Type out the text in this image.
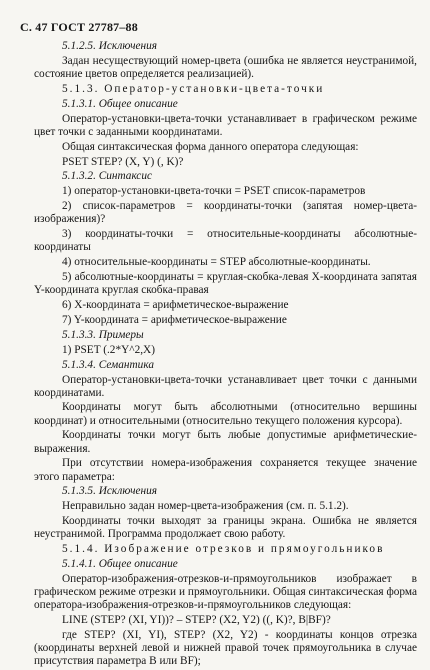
С. 47 ГОСТ 27787–88

5.1.2.5. Исключения

Задан несуществующий номер-цвета (ошибка не является неустранимой, состояние цветов определяется реализацией).

5.1.3. Оператор-установки-цвета-точки

5.1.3.1. Общее описание

Оператор-установки-цвета-точки устанавливает в графическом режиме цвет точки с заданными координатами.

Общая синтаксическая форма данного оператора следующая:

PSET STEP? (X, Y) (, K)?

5.1.3.2. Синтаксис

1) оператор-установки-цвета-точки = PSET список-параметров

2) список-параметров = координаты-точки (запятая номер-цвета-изображения)?

3) координаты-точки = относительные-координаты абсолютные-координаты

4) относительные-координаты = STEP абсолютные-координаты.

5) абсолютные-координаты = круглая-скобка-левая X-координата запятая Y-координата круглая скобка-правая

6) X-координата = арифметическое-выражение

7) Y-координата = арифметическое-выражение

5.1.3.3. Примеры

1) PSET (.2*Y^2,X)

5.1.3.4. Семантика

Оператор-установки-цвета-точки устанавливает цвет точки с данными координатами.

Координаты могут быть абсолютными (относительно вершины координат) и относительными (относительно текущего положения курсора).

Координаты точки могут быть любые допустимые арифметические-выражения.

При отсутствии номера-изображения сохраняется текущее значение этого параметра:

5.1.3.5. Исключения

Неправильно задан номер-цвета-изображения (см. п. 5.1.2).

Координаты точки выходят за границы экрана. Ошибка не является неустранимой. Программа продолжает свою работу.

5.1.4. Изображение отрезков и прямоугольников

5.1.4.1. Общее описание

Оператор-изображения-отрезков-и-прямоугольников изображает в графическом режиме отрезки и прямоугольники. Общая синтаксическая форма оператора-изображения-отрезков-и-прямоугольников следующая:

LINE (STEP? (XI, YI))? – STEP? (X2, Y2) ((, K)?, B|BF)?

где STEP? (XI, YI), STEP? (X2, Y2) - координаты концов отрезка (координаты верхней левой и нижней правой точек прямоугольника в случае присутствия параметра B или BF);
